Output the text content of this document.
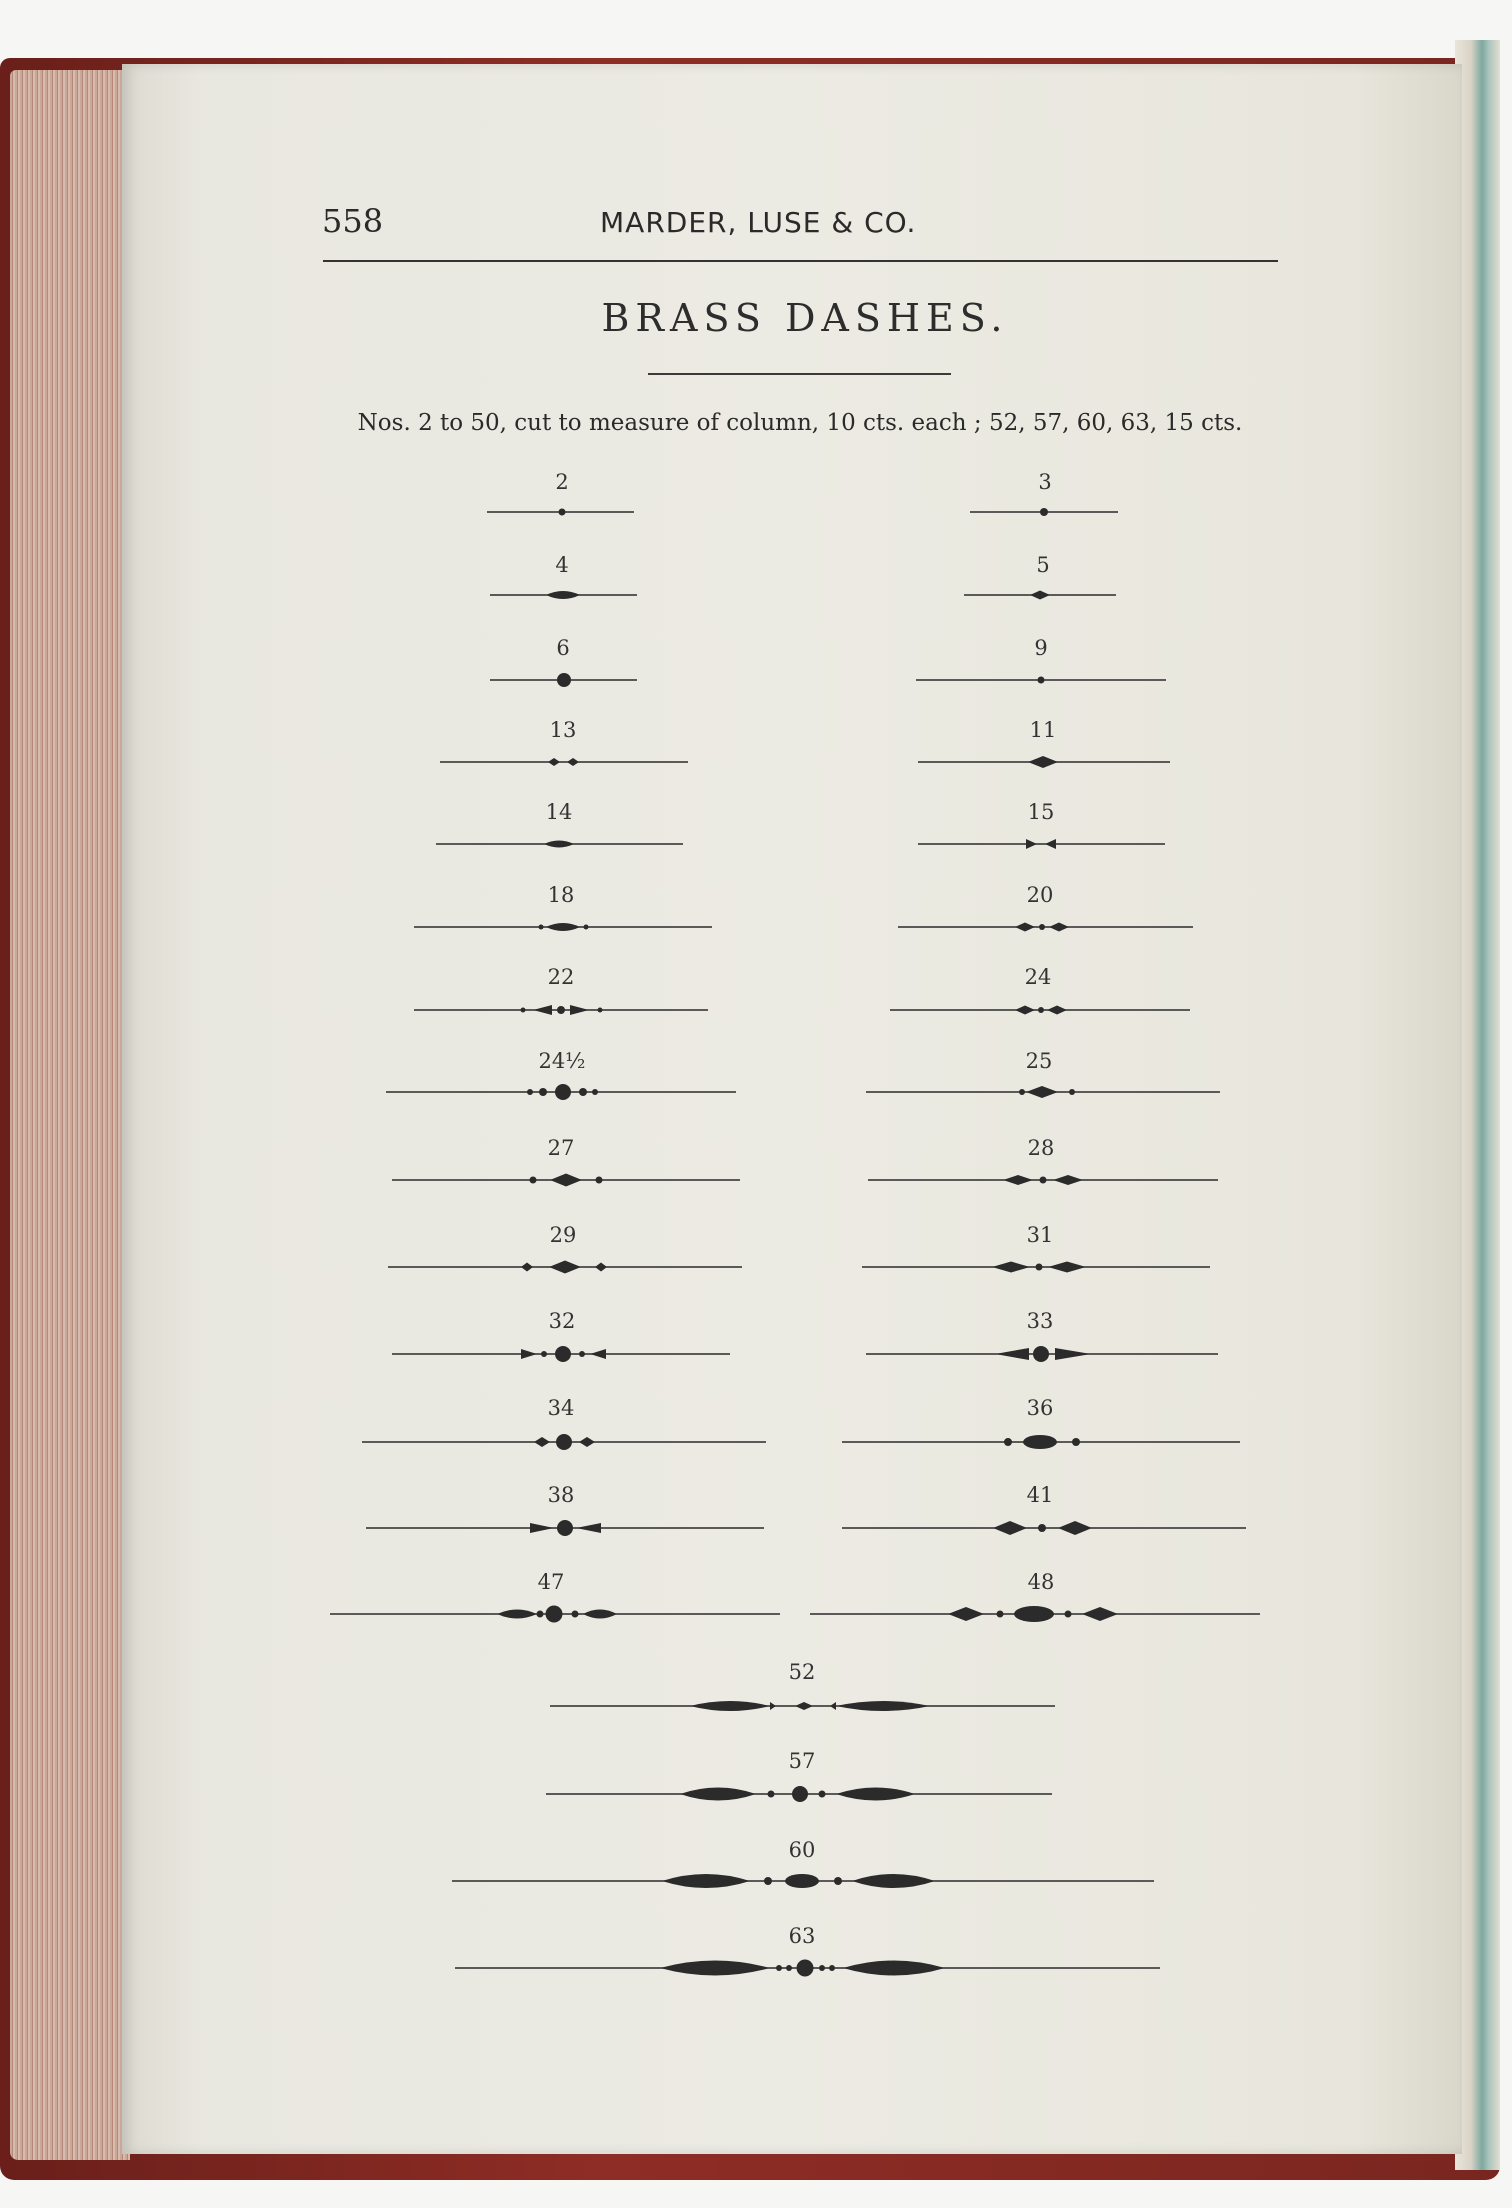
558	MARDER, LUSE & CO.
BRASS DASHES.
Nos. 2 to 50, cut to measure of column, 10 cts. each ; 52, 57, 60, 63, 15 cts.
2	3
4	5
6	9
13	11
14	15
18	20
22	24
24½	25
27	28
29	31
32	33
34	36
38	41
47	48
52
57
60
63
